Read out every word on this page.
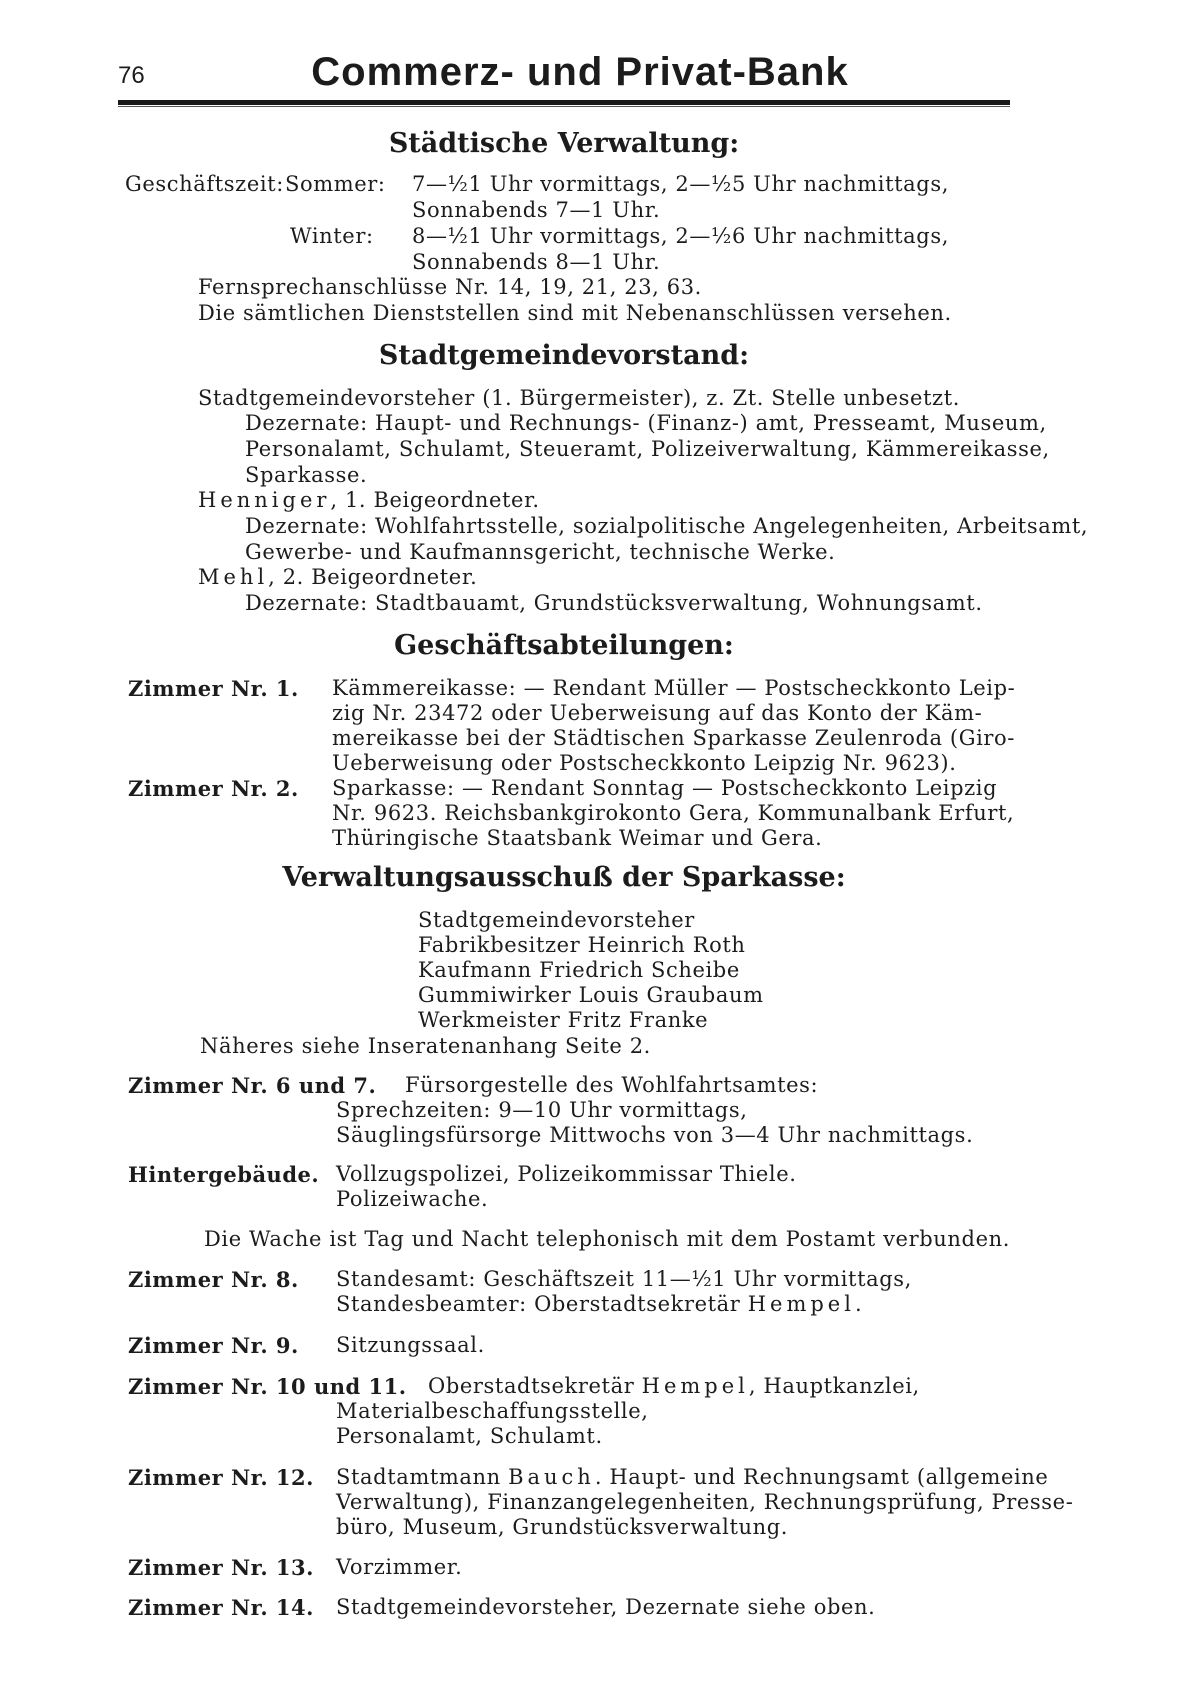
76	Commerz- und Privat-Bank
Städtische Verwaltung:
Geschäftszeit: Sommer: 7—½1 Uhr vormittags, 2—½5 Uhr nachmittags,
Sonnabends 7—1 Uhr.
Winter: 8—½1 Uhr vormittags, 2—½6 Uhr nachmittags,
Sonnabends 8—1 Uhr.
Fernsprechanschlüsse Nr. 14, 19, 21, 23, 63.
Die sämtlichen Dienststellen sind mit Nebenanschlüssen versehen.
Stadtgemeindevorstand:
Stadtgemeindevorsteher (1. Bürgermeister), z. Zt. Stelle unbesetzt.
Dezernate: Haupt- und Rechnungs- (Finanz-) amt, Presseamt, Museum,
Personalamt, Schulamt, Steueramt, Polizeiverwaltung, Kämmereikasse,
Sparkasse.
Henniger, 1. Beigeordneter.
Dezernate: Wohlfahrtsstelle, sozialpolitische Angelegenheiten, Arbeitsamt,
Gewerbe- und Kaufmannsgericht, technische Werke.
Mehl, 2. Beigeordneter.
Dezernate: Stadtbauamt, Grundstücksverwaltung, Wohnungsamt.
Geschäftsabteilungen:
Zimmer Nr. 1. Kämmereikasse: — Rendant Müller — Postscheckkonto Leip-
zig Nr. 23472 oder Ueberweisung auf das Konto der Käm-
mereikasse bei der Städtischen Sparkasse Zeulenroda (Giro-
Ueberweisung oder Postscheckkonto Leipzig Nr. 9623).
Zimmer Nr. 2. Sparkasse: — Rendant Sonntag — Postscheckkonto Leipzig
Nr. 9623. Reichsbankgirokonto Gera, Kommunalbank Erfurt,
Thüringische Staatsbank Weimar und Gera.
Verwaltungsausschuß der Sparkasse:
Stadtgemeindevorsteher
Fabrikbesitzer Heinrich Roth
Kaufmann Friedrich Scheibe
Gummiwirker Louis Graubaum
Werkmeister Fritz Franke
Näheres siehe Inseratenanhang Seite 2.
Zimmer Nr. 6 und 7. Fürsorgestelle des Wohlfahrtsamtes:
Sprechzeiten: 9—10 Uhr vormittags,
Säuglingsfürsorge Mittwochs von 3—4 Uhr nachmittags.
Hintergebäude. Vollzugspolizei, Polizeikommissar Thiele.
Polizeiwache.
Die Wache ist Tag und Nacht telephonisch mit dem Postamt verbunden.
Zimmer Nr. 8. Standesamt: Geschäftszeit 11—½1 Uhr vormittags,
Standesbeamter: Oberstadtsekretär Hempel.
Zimmer Nr. 9. Sitzungssaal.
Zimmer Nr. 10 und 11. Oberstadtsekretär Hempel, Hauptkanzlei,
Materialbeschaffungsstelle,
Personalamt, Schulamt.
Zimmer Nr. 12. Stadtamtmann Bauch. Haupt- und Rechnungsamt (allgemeine
Verwaltung), Finanzangelegenheiten, Rechnungsprüfung, Presse-
büro, Museum, Grundstücksverwaltung.
Zimmer Nr. 13. Vorzimmer.
Zimmer Nr. 14. Stadtgemeindevorsteher, Dezernate siehe oben.
